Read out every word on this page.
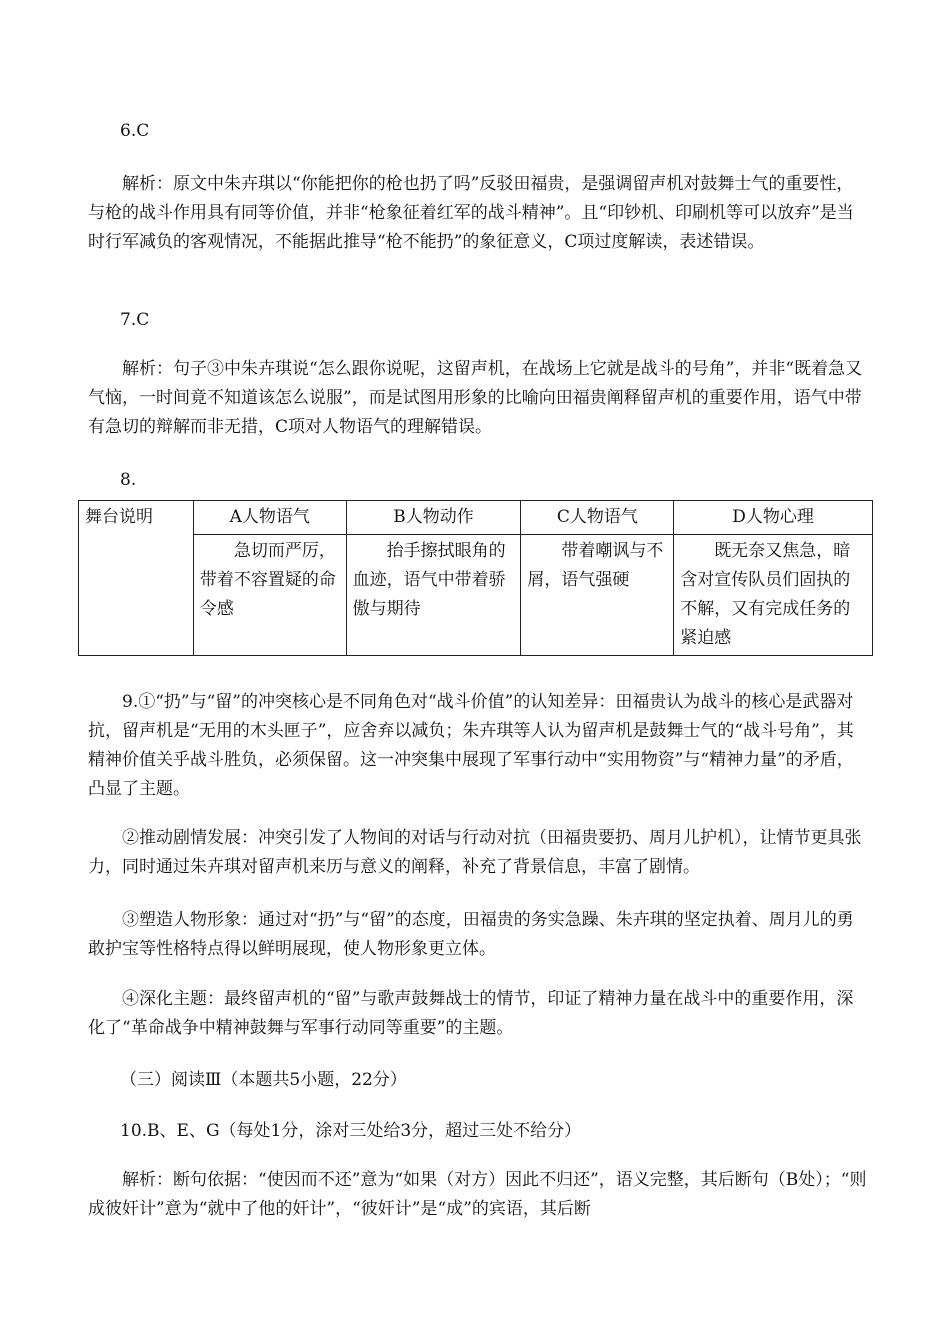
6.C

解析：原文中朱卉琪以“你能把你的枪也扔了吗”反驳田福贵，是强调留声机对鼓舞士气的重要性，与枪的战斗作用具有同等价值，并非“枪象征着红军的战斗精神”。且“印钞机、印刷机等可以放弃”是当时行军减负的客观情况，不能据此推导“枪不能扔”的象征意义，C项过度解读，表述错误。

7.C

解析：句子③中朱卉琪说“怎么跟你说呢，这留声机，在战场上它就是战斗的号角”，并非“既着急又气恼，一时间竟不知道该怎么说服”，而是试图用形象的比喻向田福贵阐释留声机的重要作用，语气中带有急切的辩解而非无措，C项对人物语气的理解错误。

8.

舞台说明	A人物语气	B人物动作	C人物语气	D人物心理
	急切而严厉，带着不容置疑的命令感	抬手擦拭眼角的血迹，语气中带着骄傲与期待	带着嘲讽与不屑，语气强硬	既无奈又焦急，暗含对宣传队员们固执的不解，又有完成任务的紧迫感

9.①“扔”与“留”的冲突核心是不同角色对“战斗价值”的认知差异：田福贵认为战斗的核心是武器对抗，留声机是“无用的木头匣子”，应舍弃以减负；朱卉琪等人认为留声机是鼓舞士气的“战斗号角”，其精神价值关乎战斗胜负，必须保留。这一冲突集中展现了军事行动中“实用物资”与“精神力量”的矛盾，凸显了主题。

②推动剧情发展：冲突引发了人物间的对话与行动对抗（田福贵要扔、周月儿护机），让情节更具张力，同时通过朱卉琪对留声机来历与意义的阐释，补充了背景信息，丰富了剧情。

③塑造人物形象：通过对“扔”与“留”的态度，田福贵的务实急躁、朱卉琪的坚定执着、周月儿的勇敢护宝等性格特点得以鲜明展现，使人物形象更立体。

④深化主题：最终留声机的“留”与歌声鼓舞战士的情节，印证了精神力量在战斗中的重要作用，深化了“革命战争中精神鼓舞与军事行动同等重要”的主题。

（三）阅读Ⅲ（本题共5小题，22分）

10.B、E、G（每处1分，涂对三处给3分，超过三处不给分）

解析：断句依据：“使因而不还”意为“如果（对方）因此不归还”，语义完整，其后断句（B处）；“则成彼奸计”意为“就中了他的奸计”，“彼奸计”是“成”的宾语，其后断
